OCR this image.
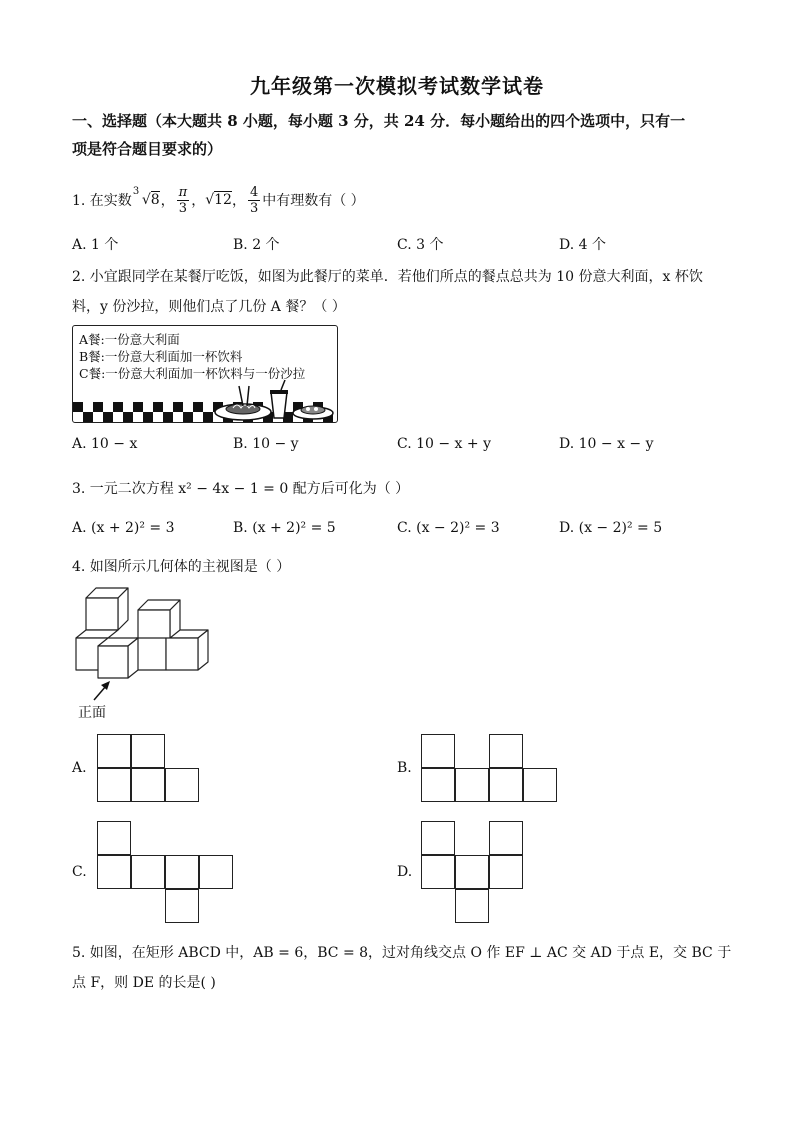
九年级第一次模拟考试数学试卷
一、选择题（本大题共 8 小题，每小题 3 分，共 24 分．每小题给出的四个选项中，只有一
项是符合题目要求的）
1. 在实数
3
√8 ， $\frac{\pi}{3}$ ， √12 ， $\frac{4}{3}$ 中有理数有（ ）
A. 1 个	B. 2 个	C. 3 个	D. 4 个
2. 小宜跟同学在某餐厅吃饭，如图为此餐厅的菜单．若他们所点的餐点总共为 10 份意大利面，x 杯饮
料，y 份沙拉，则他们点了几份 A 餐？（ ）
A餐:一份意大利面
B餐:一份意大利面加一杯饮料
C餐:一份意大利面加一杯饮料与一份沙拉
A. 10 − x	B. 10 − y	C. 10 − x + y	D. 10 − x − y
3. 一元二次方程 x² − 4x − 1 = 0 配方后可化为（ ）
A. (x + 2)² = 3	B. (x + 2)² = 5	C. (x − 2)² = 3	D. (x − 2)² = 5
4. 如图所示几何体的主视图是（ ）
正面
A.	B.
C.	D.
5. 如图，在矩形 ABCD 中，AB = 6，BC = 8，过对角线交点 O 作 EF ⊥ AC 交 AD 于点 E，交 BC 于
点 F，则 DE 的长是( )
